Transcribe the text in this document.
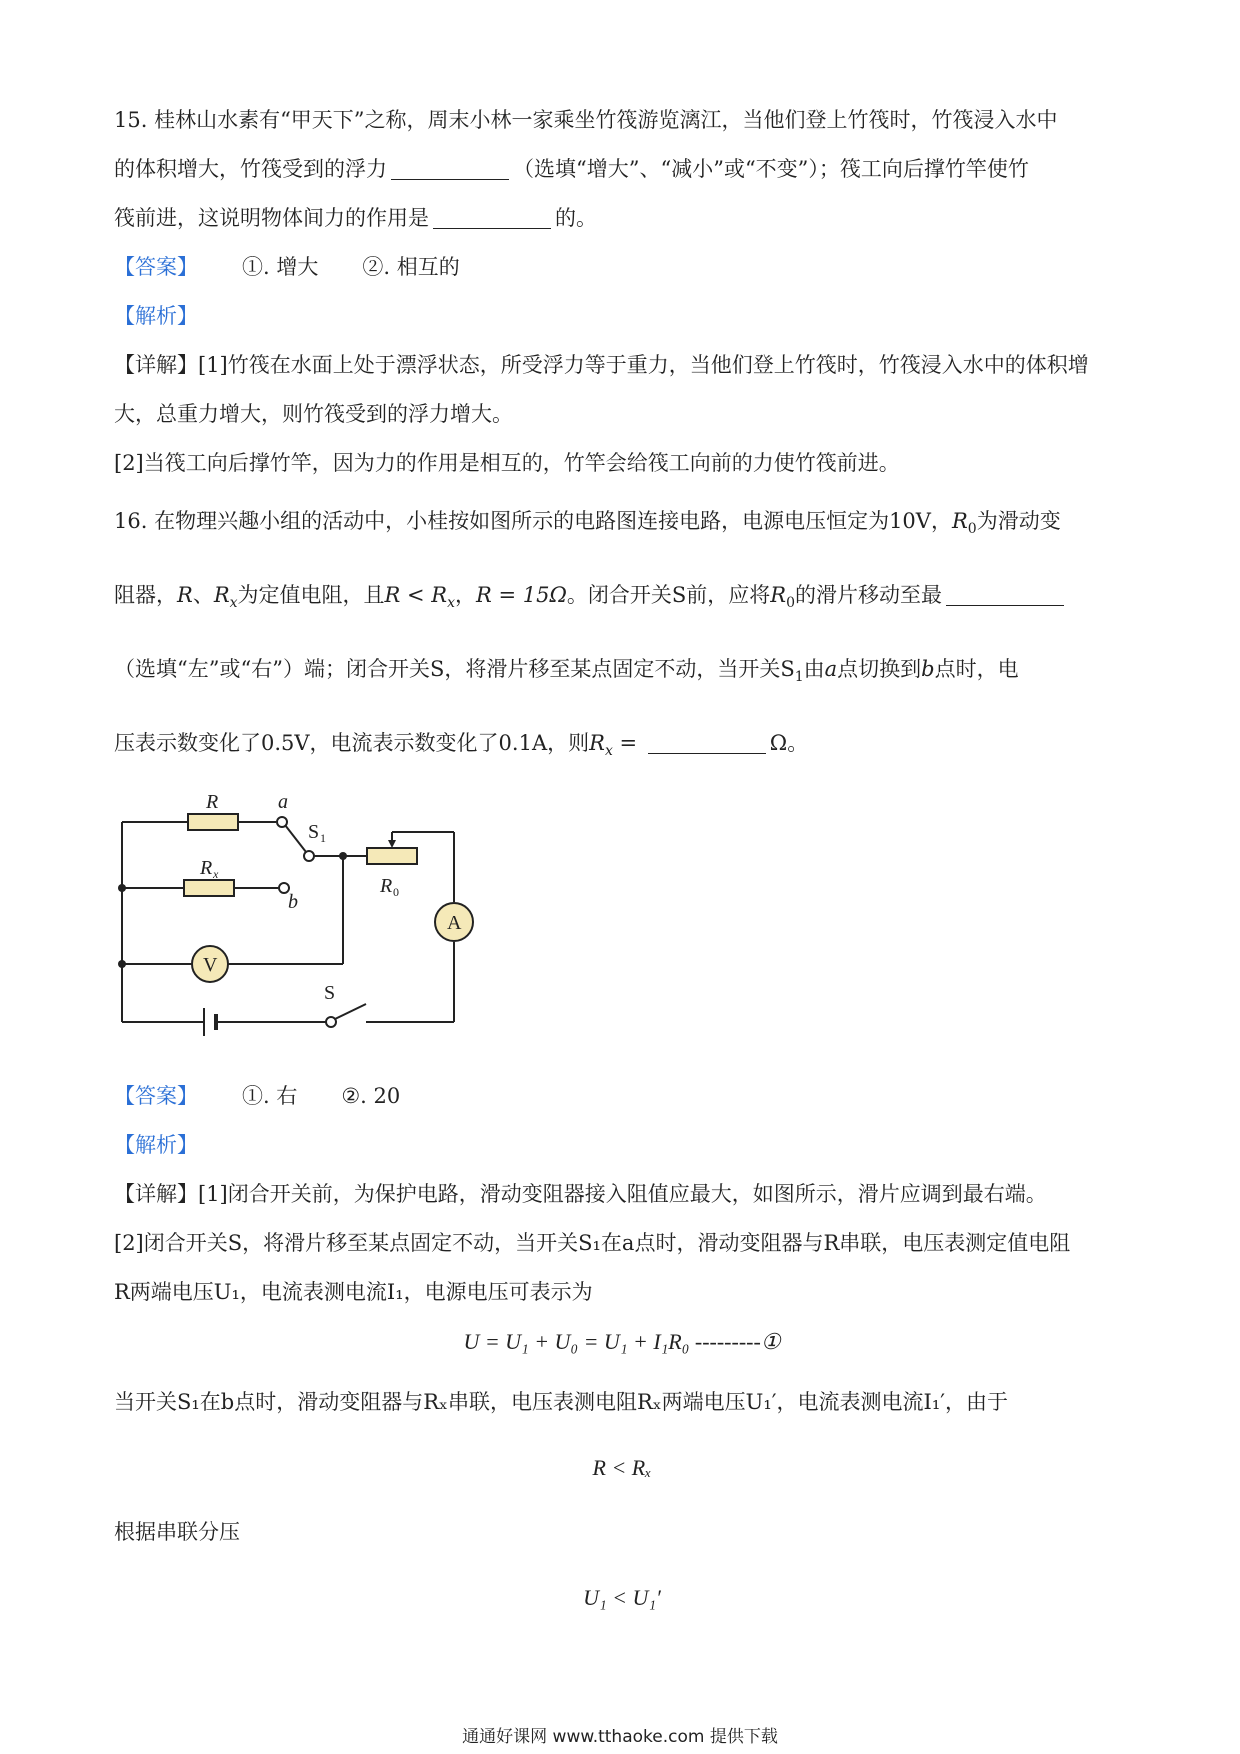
15. 桂林山水素有“甲天下”之称，周末小林一家乘坐竹筏游览漓江，当他们登上竹筏时，竹筏浸入水中

的体积增大，竹筏受到的浮力	（选填“增大”、“减小”或“不变”）；筏工向后撑竹竿使竹

筏前进，这说明物体间力的作用是	的。

【答案】 ①. 增大 ②. 相互的

【解析】

【详解】[1]竹筏在水面上处于漂浮状态，所受浮力等于重力，当他们登上竹筏时，竹筏浸入水中的体积增

大，总重力增大，则竹筏受到的浮力增大。

[2]当筏工向后撑竹竿，因为力的作用是相互的，竹竿会给筏工向前的力使竹筏前进。

16. 在物理兴趣小组的活动中，小桂按如图所示的电路图连接电路，电源电压恒定为10V，$R_0$为滑动变

阻器，R、$R_x$为定值电阻，且$R < R_x$，R = 15Ω。闭合开关S前，应将$R_0$的滑片移动至最

（选填“左”或“右”）端；闭合开关S，将滑片移至某点固定不动，当开关$S_1$由a点切换到b点时，电

压表示数变化了0.5V，电流表示数变化了0.1A，则$R_x$ =	Ω。

R
R x
a
b
S 1
R 0
A
V
S

【答案】 ①. 右 ②. 20

【解析】

【详解】[1]闭合开关前，为保护电路，滑动变阻器接入阻值应最大，如图所示，滑片应调到最右端。

[2]闭合开关S，将滑片移至某点固定不动，当开关S₁在a点时，滑动变阻器与R串联，电压表测定值电阻

R两端电压U₁，电流表测电流I₁，电源电压可表示为

U = U₁ + U₀ = U₁ + I₁R₀ ---------①

当开关S₁在b点时，滑动变阻器与Rₓ串联，电压表测电阻Rₓ两端电压U₁′，电流表测电流I₁′，由于

R < Rₓ

根据串联分压

U₁ < U₁′

通通好课网 www.tthaoke.com 提供下载
